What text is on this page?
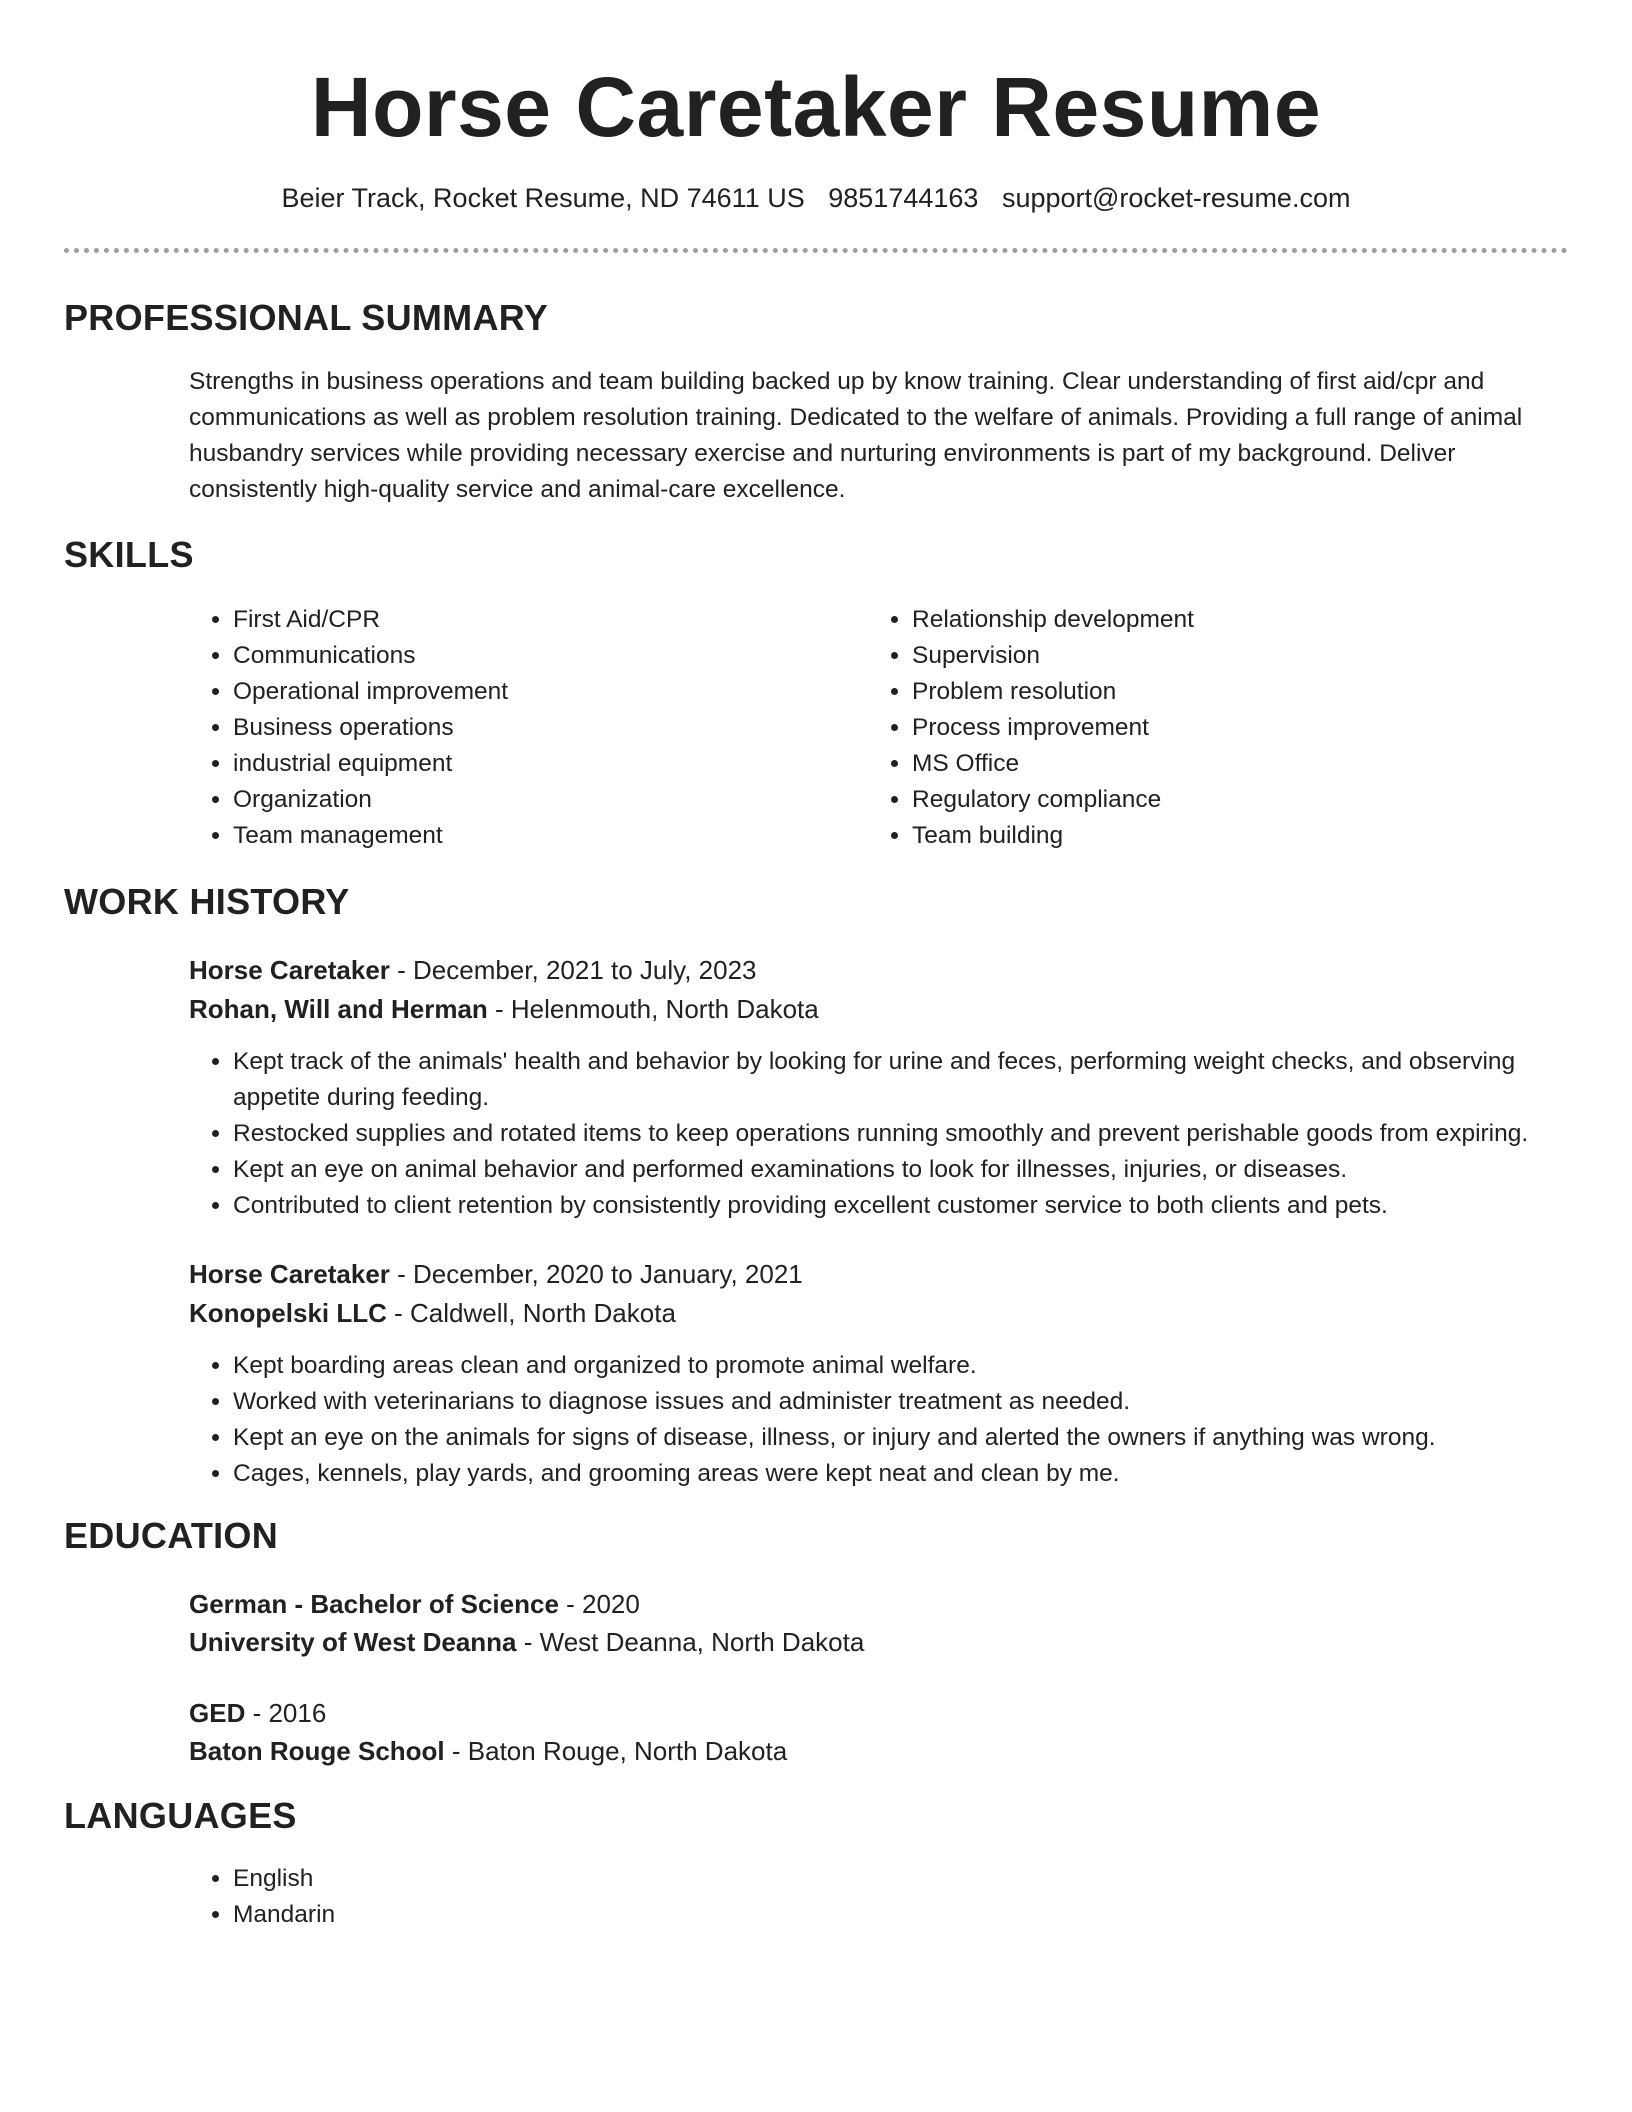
Horse Caretaker Resume
Beier Track, Rocket Resume, ND 74611 US 9851744163 support@rocket-resume.com
PROFESSIONAL SUMMARY

Strengths in business operations and team building backed up by know training. Clear understanding of first aid/cpr and communications as well as problem resolution training. Dedicated to the welfare of animals. Providing a full range of animal husbandry services while providing necessary exercise and nurturing environments is part of my background. Deliver consistently high-quality service and animal-care excellence.

SKILLS
• First Aid/CPR
• Communications
• Operational improvement
• Business operations
• industrial equipment
• Organization
• Team management
• Relationship development
• Supervision
• Problem resolution
• Process improvement
• MS Office
• Regulatory compliance
• Team building
WORK HISTORY
Horse Caretaker - December, 2021 to July, 2023
Rohan, Will and Herman - Helenmouth, North Dakota
• Kept track of the animals' health and behavior by looking for urine and feces, performing weight checks, and observing appetite during feeding.
• Restocked supplies and rotated items to keep operations running smoothly and prevent perishable goods from expiring.
• Kept an eye on animal behavior and performed examinations to look for illnesses, injuries, or diseases.
• Contributed to client retention by consistently providing excellent customer service to both clients and pets.
Horse Caretaker - December, 2020 to January, 2021
Konopelski LLC - Caldwell, North Dakota
• Kept boarding areas clean and organized to promote animal welfare.
• Worked with veterinarians to diagnose issues and administer treatment as needed.
• Kept an eye on the animals for signs of disease, illness, or injury and alerted the owners if anything was wrong.
• Cages, kennels, play yards, and grooming areas were kept neat and clean by me.
EDUCATION
German - Bachelor of Science - 2020
University of West Deanna - West Deanna, North Dakota
GED - 2016
Baton Rouge School - Baton Rouge, North Dakota
LANGUAGES
• English
• Mandarin
